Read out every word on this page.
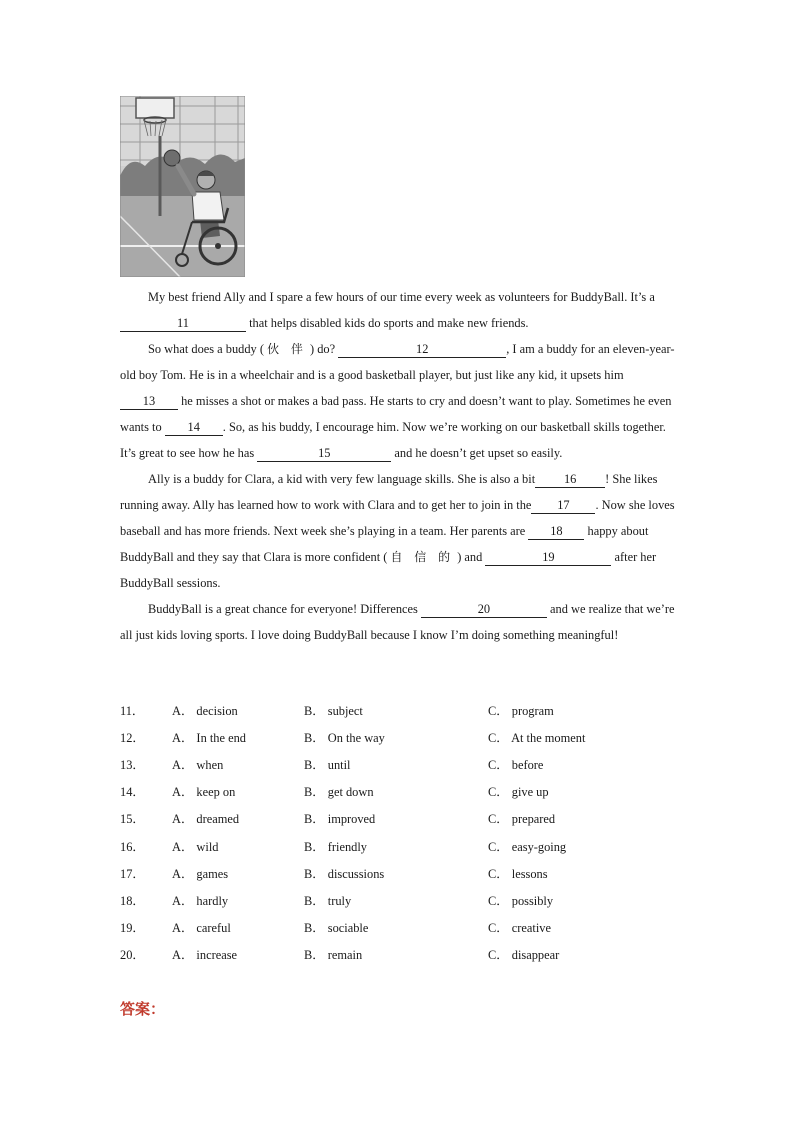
My best friend Ally and I spare a few hours of our time every week as volunteers for BuddyBall. It’s a 11	that helps disabled kids do sports and make new friends.

So what does a buddy ( 伙 伴 ) do?	12	, I am a buddy for an eleven-year-old boy Tom. He is in a wheelchair and is a good basketball player, but just like any kid, it upsets him 13 he misses a shot or makes a bad pass. He starts to cry and doesn’t want to play. Sometimes he even wants to 14 . So, as his buddy, I encourage him. Now we’re working on our basketball skills together. It’s great to see how he has	15	and he doesn’t get upset so easily.

Ally is a buddy for Clara, a kid with very few language skills. She is also a bit 16 ! She likes running away. Ally has learned how to work with Clara and to get her to join in the 17 . Now she loves baseball and has more friends. Next week she’s playing in a team. Her parents are 18 happy about BuddyBall and they say that Clara is more confident ( 自 信 的 ) and	19	after her BuddyBall sessions.

BuddyBall is a great chance for everyone! Differences	20	and we realize that we’re all just kids loving sports. I love doing BuddyBall because I know I’m doing something meaningful!

11．	A． decision	B． subject	C． program
12．	A． In the end	B． On the way	C． At the moment
13．	A． when	B． until	C． before
14．	A． keep on	B． get down	C． give up
15．	A． dreamed	B． improved	C． prepared
16．	A． wild	B． friendly	C． easy-going
17．	A． games	B． discussions	C． lessons
18．	A． hardly	B． truly	C． possibly
19．	A． careful	B． sociable	C． creative
20．	A． increase	B． remain	C． disappear
答案：
